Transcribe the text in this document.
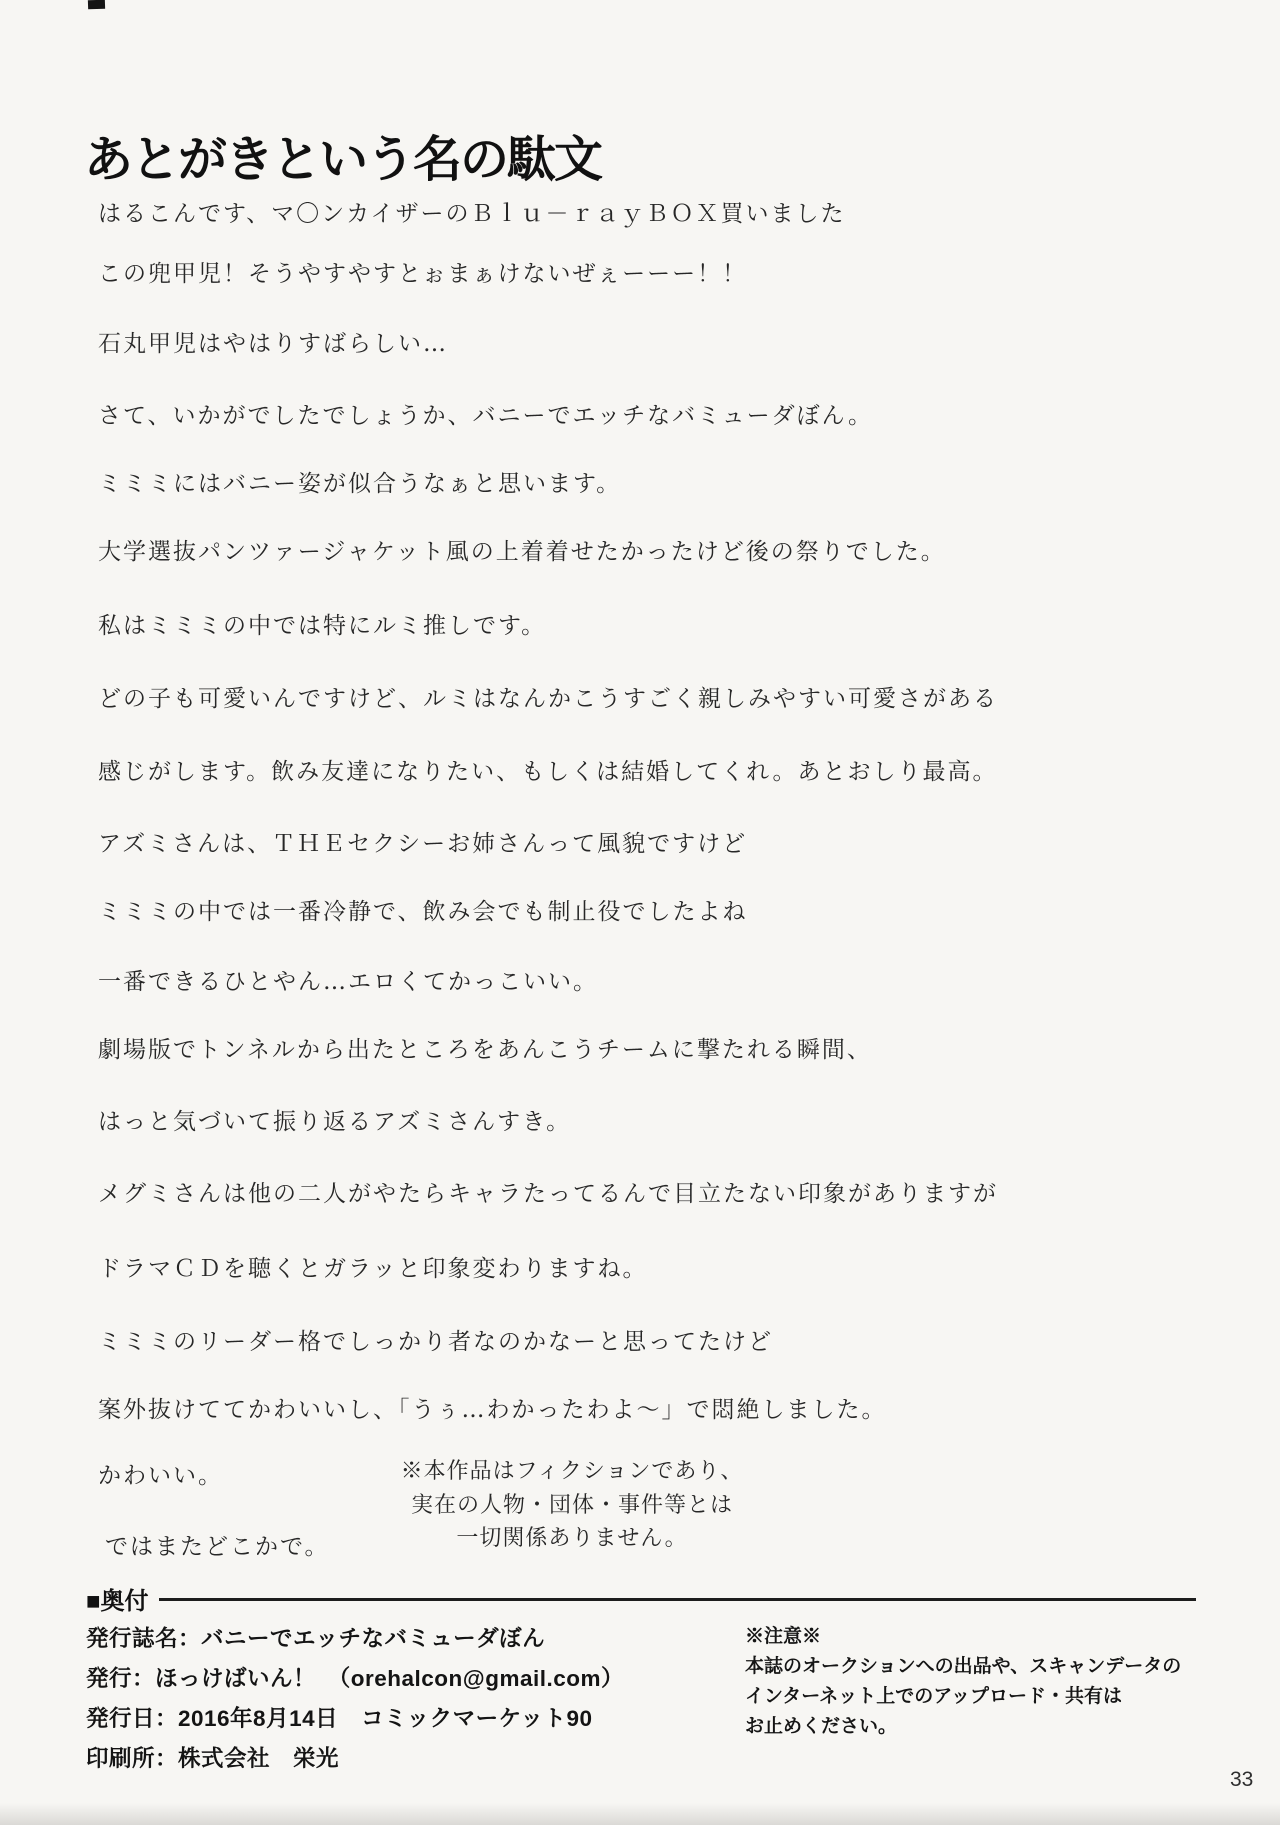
あとがきという名の駄文
はるこんです、マ〇ンカイザーのＢｌｕ－ｒａｙＢＯＸ買いました
この兜甲児！そうやすやすとぉまぁけないぜぇーーー！！
石丸甲児はやはりすばらしい…
さて、いかがでしたでしょうか、バニーでエッチなバミューダぼん。
ミミミにはバニー姿が似合うなぁと思います。
大学選抜パンツァージャケット風の上着着せたかったけど後の祭りでした。
私はミミミの中では特にルミ推しです。
どの子も可愛いんですけど、ルミはなんかこうすごく親しみやすい可愛さがある
感じがします。飲み友達になりたい、もしくは結婚してくれ。あとおしり最高。
アズミさんは、ＴＨＥセクシーお姉さんって風貌ですけど
ミミミの中では一番冷静で、飲み会でも制止役でしたよね
一番できるひとやん…エロくてかっこいい。
劇場版でトンネルから出たところをあんこうチームに撃たれる瞬間、
はっと気づいて振り返るアズミさんすき。
メグミさんは他の二人がやたらキャラたってるんで目立たない印象がありますが
ドラマＣＤを聴くとガラッと印象変わりますね。
ミミミのリーダー格でしっかり者なのかなーと思ってたけど
案外抜けててかわいいし、「うぅ…わかったわよ〜」で悶絶しました。
かわいい。
ではまたどこかで。
※本作品はフィクションであり、
実在の人物・団体・事件等とは
一切関係ありません。
■奥付
発行誌名：バニーでエッチなバミューダぼん
発行：ほっけばいん！　（orehalcon@gmail.com）
発行日：2016年8月14日　コミックマーケット90
印刷所：株式会社　栄光
※注意※
本誌のオークションへの出品や、スキャンデータの
インターネット上でのアップロード・共有は
お止めください。
33
